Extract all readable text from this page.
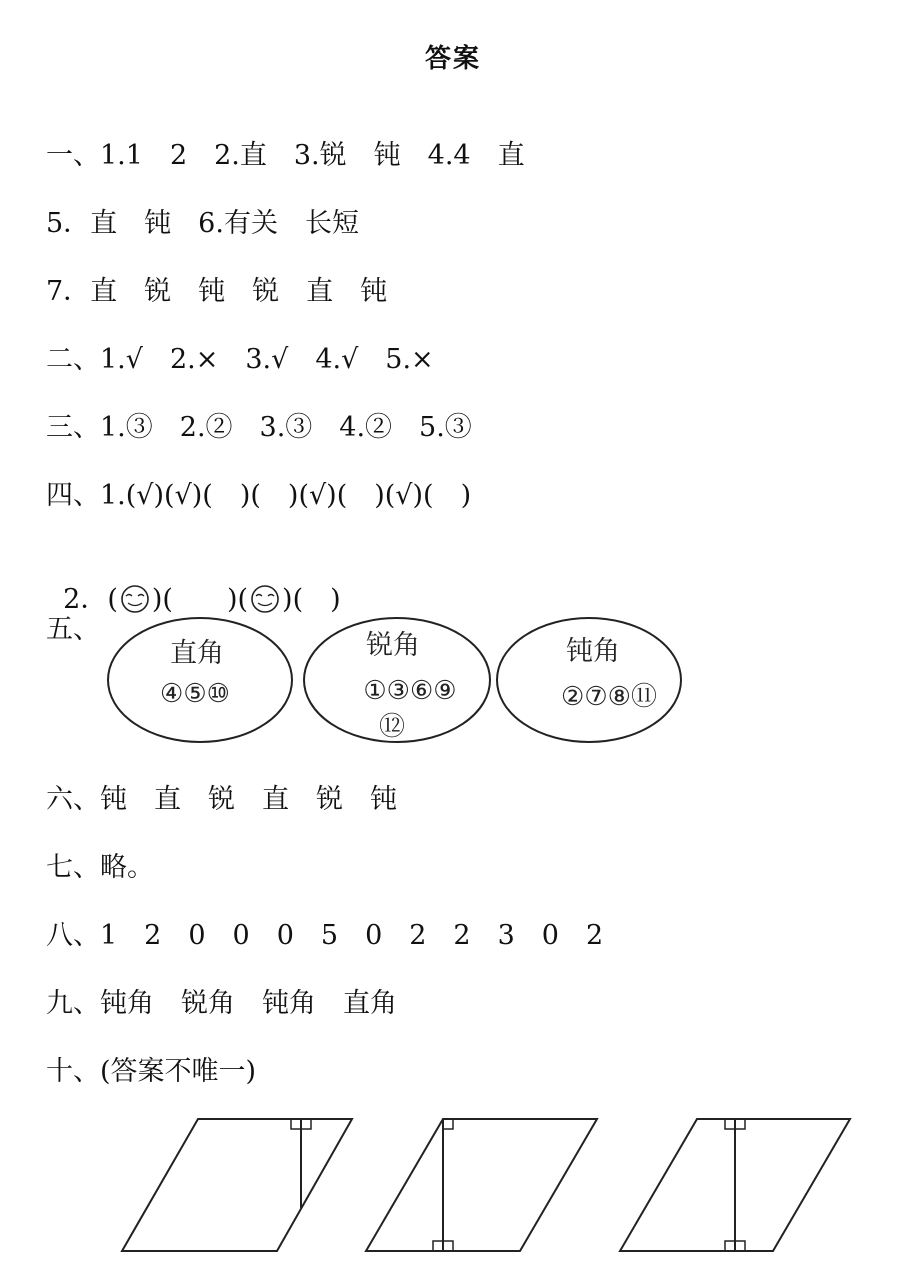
答案
一、1.1　2　2.直　3.锐　钝　4.4　直
5．直　钝　6.有关　长短
7．直　锐　钝　锐　直　钝
二、1.√　2.×　3.√　4.√　5.×
三、1.③　2.②　3.③　4.②　5.③
四、1.(√)(√)(　)(　)(√)(　)(√)(　)

2．( )(　　)( )(　)

五、
直角
④⑤⑩
锐角
①③⑥⑨
⑫
钝角
②⑦⑧⑪
六、钝　直　锐　直　锐　钝
七、略。
八、1　2　0　0　0　5　0　2　2　3　0　2
九、钝角　锐角　钝角　直角
十、(答案不唯一)
